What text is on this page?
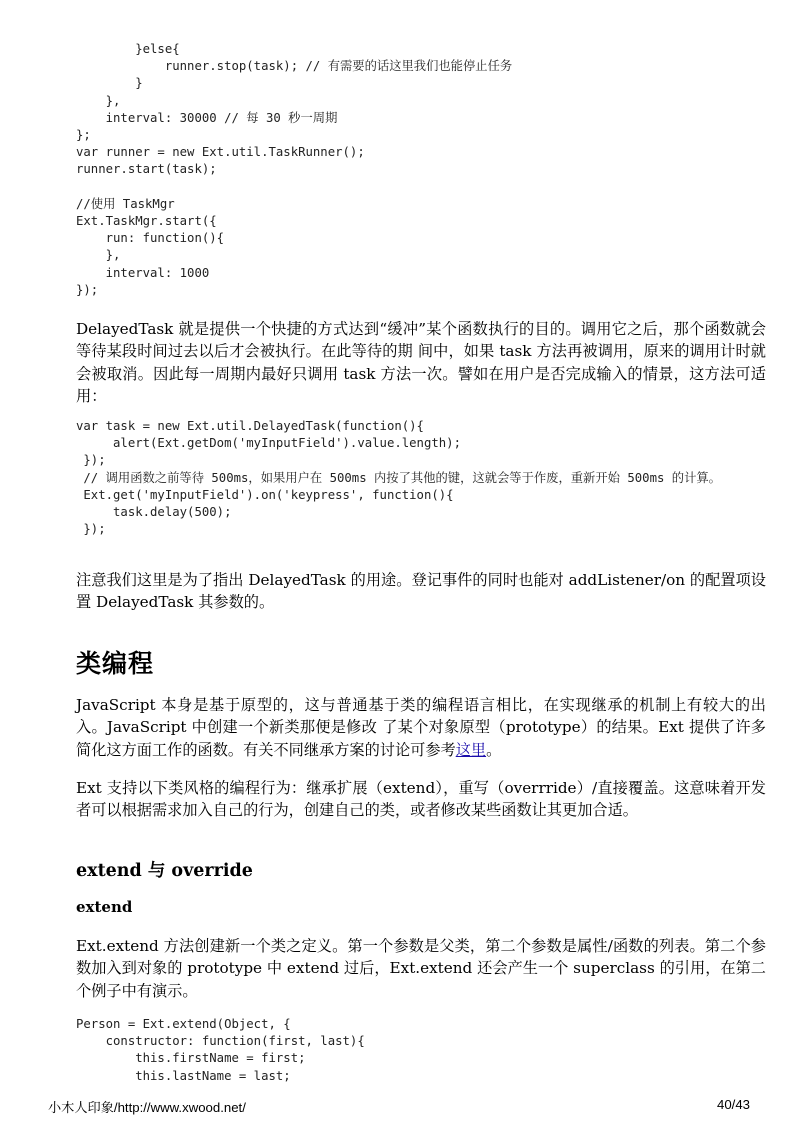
}else{
runner.stop(task); // 有需要的话这里我们也能停止任务
}
},
interval: 30000 // 每 30 秒一周期
};
var runner = new Ext.util.TaskRunner();
runner.start(task);

//使用 TaskMgr
Ext.TaskMgr.start({
run: function(){
},
interval: 1000
});
DelayedTask 就是提供一个快捷的方式达到“缓冲”某个函数执行的目的。调用它之后，那个函数就会等待某段时间过去以后才会被执行。在此等待的期 间中，如果 task 方法再被调用，原来的调用计时就会被取消。因此每一周期内最好只调用 task 方法一次。譬如在用户是否完成输入的情景，这方法可适用：
var task = new Ext.util.DelayedTask(function(){
alert(Ext.getDom('myInputField').value.length);
});
// 调用函数之前等待 500ms，如果用户在 500ms 内按了其他的键，这就会等于作废，重新开始 500ms 的计算。
Ext.get('myInputField').on('keypress', function(){
task.delay(500);
});
注意我们这里是为了指出 DelayedTask 的用途。登记事件的同时也能对 addListener/on 的配置项设置 DelayedTask 其参数的。
类编程
JavaScript 本身是基于原型的，这与普通基于类的编程语言相比，在实现继承的机制上有较大的出入。JavaScript 中创建一个新类那便是修改 了某个对象原型（prototype）的结果。Ext 提供了许多简化这方面工作的函数。有关不同继承方案的讨论可参考这里。
Ext 支持以下类风格的编程行为：继承扩展（extend），重写（overrride）/直接覆盖。这意味着开发者可以根据需求加入自己的行为，创建自己的类，或者修改某些函数让其更加合适。
extend 与 override
extend
Ext.extend 方法创建新一个类之定义。第一个参数是父类，第二个参数是属性/函数的列表。第二个参数加入到对象的 prototype 中 extend 过后，Ext.extend 还会产生一个 superclass 的引用，在第二个例子中有演示。
Person = Ext.extend(Object, {
constructor: function(first, last){
this.firstName = first;
this.lastName = last;
小木人印象/http://www.xwood.net/	40/43
